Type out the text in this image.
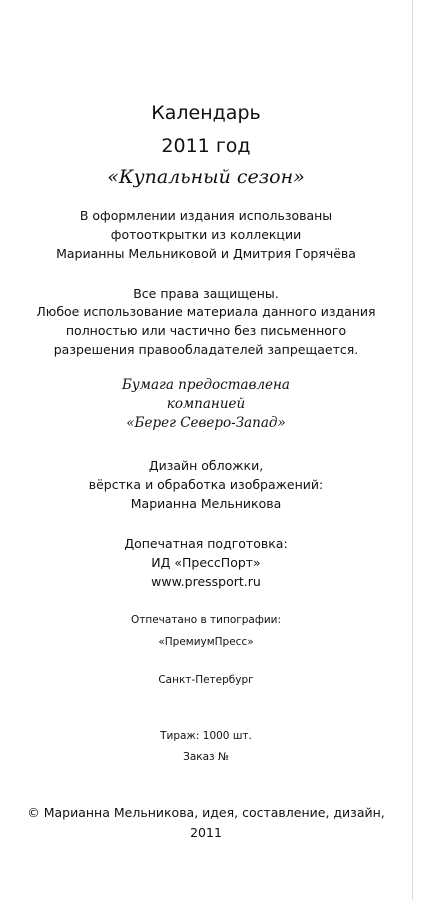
Календарь
2011 год
«Купальный сезон»
В оформлении издания использованы
фотооткрытки из коллекции
Марианны Мельниковой и Дмитрия Горячёва
Все права защищены.
Любое использование материала данного издания
полностью или частично без письменного
разрешения правообладателей запрещается.
Бумага предоставлена
компанией
«Берег Северо-Запад»
Дизайн обложки,
вёрстка и обработка изображений:
Марианна Мельникова
Допечатная подготовка:
ИД «ПрессПорт»
www.pressport.ru
Отпечатано в типографии:
«ПремиумПресс»
Санкт-Петербург
Тираж: 1000 шт.
Заказ №
© Марианна Мельникова, идея, составление, дизайн,
2011
